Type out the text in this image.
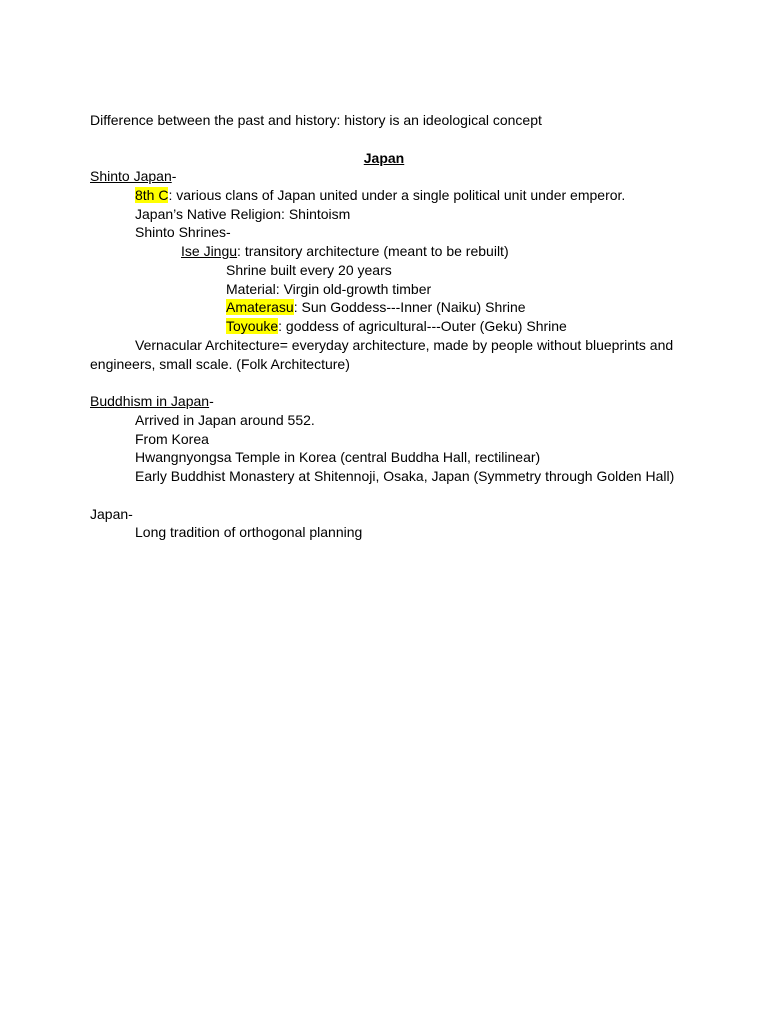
Difference between the past and history: history is an ideological concept
Japan
Shinto Japan-
8th C: various clans of Japan united under a single political unit under emperor.
Japan’s Native Religion: Shintoism
Shinto Shrines-
Ise Jingu: transitory architecture (meant to be rebuilt)
Shrine built every 20 years
Material: Virgin old-growth timber
Amaterasu: Sun Goddess---Inner (Naiku) Shrine
Toyouke: goddess of agricultural---Outer (Geku) Shrine
Vernacular Architecture= everyday architecture, made by people without blueprints and
engineers, small scale. (Folk Architecture)
Buddhism in Japan-
Arrived in Japan around 552.
From Korea
Hwangnyongsa Temple in Korea (central Buddha Hall, rectilinear)
Early Buddhist Monastery at Shitennoji, Osaka, Japan (Symmetry through Golden Hall)
Japan-
Long tradition of orthogonal planning
